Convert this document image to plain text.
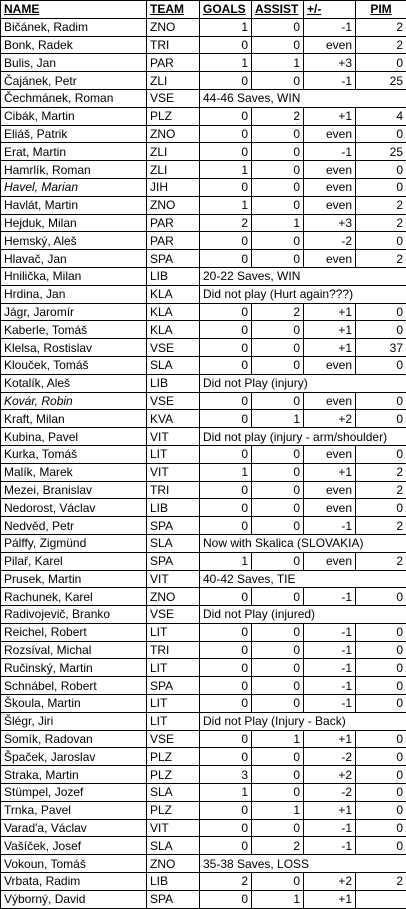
NAME	TEAM	GOALS	ASSIST	+/-	PIM
Bičánek, Radim	ZNO	1	0	-1	2
Bonk, Radek	TRI	0	0	even	2
Bulis, Jan	PAR	1	1	+3	0
Čajánek, Petr	ZLI	0	0	-1	25
Čechmánek, Roman	VSE	44-46 Saves, WIN			
Cibák, Martin	PLZ	0	2	+1	4
Eliáš, Patrik	ZNO	0	0	even	0
Erat, Martin	ZLI	0	0	-1	25
Hamrlík, Roman	ZLI	1	0	even	0
Havel, Marian	JIH	0	0	even	0
Havlát, Martin	ZNO	1	0	even	2
Hejduk, Milan	PAR	2	1	+3	2
Hemský, Aleš	PAR	0	0	-2	0
Hlavač, Jan	SPA	0	0	even	2
Hnilička, Milan	LIB	20-22 Saves, WIN			
Hrdina, Jan	KLA	Did not play (Hurt again???)			
Jágr, Jaromír	KLA	0	2	+1	0
Kaberle, Tomáš	KLA	0	0	+1	0
Klelsa, Rostislav	VSE	0	0	+1	37
Klouček, Tomáš	SLA	0	0	even	0
Kotalík, Aleš	LIB	Did not Play (injury)			
Kovár, Robin	VSE	0	0	even	0
Kraft, Milan	KVA	0	1	+2	0
Kubina, Pavel	VIT	Did not play (injury - arm/shoulder)			
Kurka, Tomáš	LIT	0	0	even	0
Malík, Marek	VIT	1	0	+1	2
Mezei, Branislav	TRI	0	0	even	2
Nedorost, Václav	LIB	0	0	even	0
Nedvěd, Petr	SPA	0	0	-1	2
Pálffy, Zigmünd	SLA	Now with Skalica (SLOVAKIA)			
Pilař, Karel	SPA	1	0	even	2
Prusek, Martin	VIT	40-42 Saves, TIE			
Rachunek, Karel	ZNO	0	0	-1	0
Radivojevič, Branko	VSE	Did not Play (injured)			
Reichel, Robert	LIT	0	0	-1	0
Rozsíval, Michal	TRI	0	0	-1	0
Ručinský, Martin	LIT	0	0	-1	0
Schnábel, Robert	SPA	0	0	-1	0
Škoula, Martin	LIT	0	0	-1	0
Šlégr, Jiri	LIT	Did not Play (Injury - Back)			
Somík, Radovan	VSE	0	1	+1	0
Špaček, Jaroslav	PLZ	0	0	-2	0
Straka, Martin	PLZ	3	0	+2	0
Stümpel, Jozef	SLA	1	0	-2	0
Trnka, Pavel	PLZ	0	1	+1	0
Varad'a, Václav	VIT	0	0	-1	0
Vašíček, Josef	SLA	0	2	-1	0
Vokoun, Tomáš	ZNO	35-38 Saves, LOSS			
Vrbata, Radim	LIB	2	0	+2	2
Výborný, David	SPA	0	1	+1	
